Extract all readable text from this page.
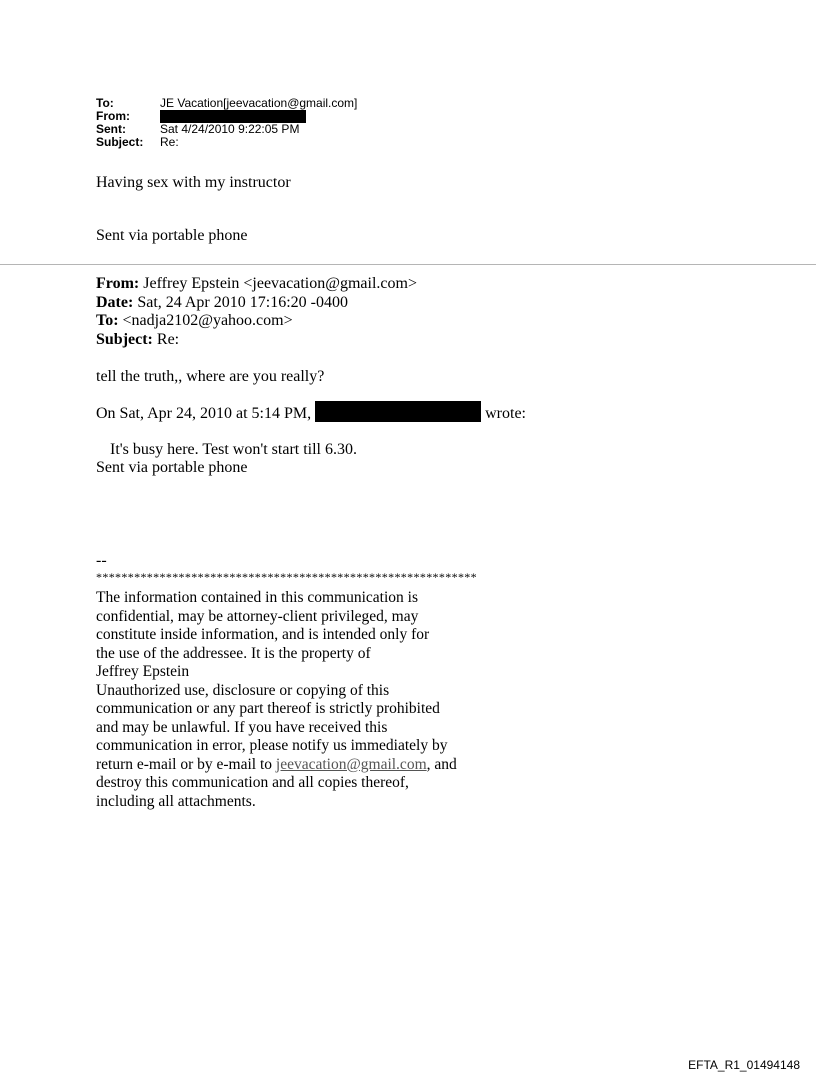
To:	JE Vacation[jeevacation@gmail.com]
From:
Sent:	Sat 4/24/2010 9:22:05 PM
Subject:	Re:
Having sex with my instructor
Sent via portable phone
From: Jeffrey Epstein <jeevacation@gmail.com>
Date: Sat, 24 Apr 2010 17:16:20 -0400
To: <nadja2102@yahoo.com>
Subject: Re:
tell the truth,, where are you really?
On Sat, Apr 24, 2010 at 5:14 PM,	wrote:
It's busy here. Test won't start till 6.30.
Sent via portable phone
--
************************************************************
The information contained in this communication is
confidential, may be attorney-client privileged, may
constitute inside information, and is intended only for
the use of the addressee. It is the property of
Jeffrey Epstein
Unauthorized use, disclosure or copying of this
communication or any part thereof is strictly prohibited
and may be unlawful. If you have received this
communication in error, please notify us immediately by
return e-mail or by e-mail to jeevacation@gmail.com, and
destroy this communication and all copies thereof,
including all attachments.
EFTA_R1_01494148
